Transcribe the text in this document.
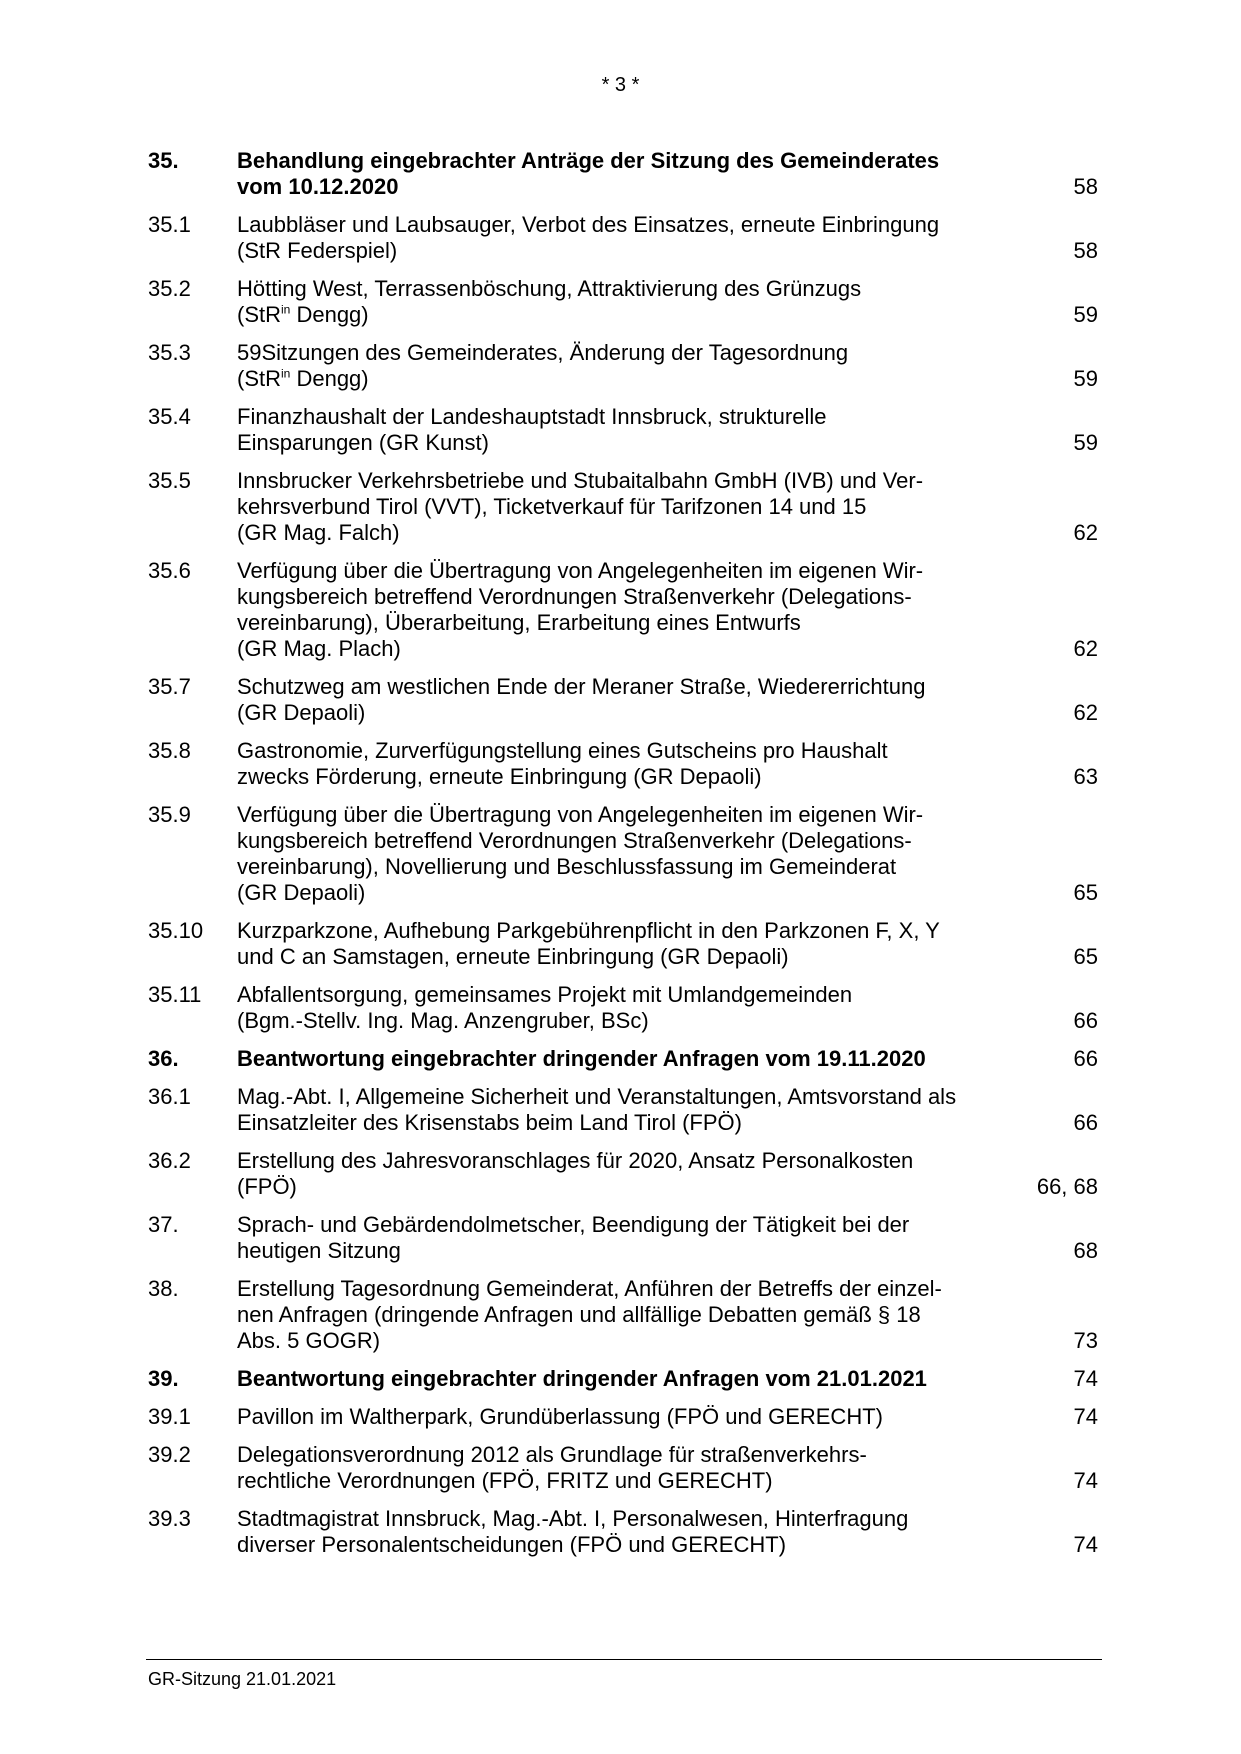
* 3 *
35.	Behandlung eingebrachter Anträge der Sitzung des Gemeinderates
vom 10.12.2020	58
35.1	Laubbläser und Laubsauger, Verbot des Einsatzes, erneute Einbringung
(StR Federspiel)	58
35.2	Hötting West, Terrassenböschung, Attraktivierung des Grünzugs
(StR$^{in}$ Dengg)	59
35.3	59Sitzungen des Gemeinderates, Änderung der Tagesordnung
(StR$^{in}$ Dengg)	59
35.4	Finanzhaushalt der Landeshauptstadt Innsbruck, strukturelle
Einsparungen (GR Kunst)	59
35.5	Innsbrucker Verkehrsbetriebe und Stubaitalbahn GmbH (IVB) und Ver-
kehrsverbund Tirol (VVT), Ticketverkauf für Tarifzonen 14 und 15
(GR Mag. Falch)	62
35.6	Verfügung über die Übertragung von Angelegenheiten im eigenen Wir-
kungsbereich betreffend Verordnungen Straßenverkehr (Delegations-
vereinbarung), Überarbeitung, Erarbeitung eines Entwurfs
(GR Mag. Plach)	62
35.7	Schutzweg am westlichen Ende der Meraner Straße, Wiedererrichtung
(GR Depaoli)	62
35.8	Gastronomie, Zurverfügungstellung eines Gutscheins pro Haushalt
zwecks Förderung, erneute Einbringung (GR Depaoli)	63
35.9	Verfügung über die Übertragung von Angelegenheiten im eigenen Wir-
kungsbereich betreffend Verordnungen Straßenverkehr (Delegations-
vereinbarung), Novellierung und Beschlussfassung im Gemeinderat
(GR Depaoli)	65
35.10	Kurzparkzone, Aufhebung Parkgebührenpflicht in den Parkzonen F, X, Y
und C an Samstagen, erneute Einbringung (GR Depaoli)	65
35.11	Abfallentsorgung, gemeinsames Projekt mit Umlandgemeinden
(Bgm.-Stellv. Ing. Mag. Anzengruber, BSc)	66
36.	Beantwortung eingebrachter dringender Anfragen vom 19.11.2020	66
36.1	Mag.-Abt. I, Allgemeine Sicherheit und Veranstaltungen, Amtsvorstand als
Einsatzleiter des Krisenstabs beim Land Tirol (FPÖ)	66
36.2	Erstellung des Jahresvoranschlages für 2020, Ansatz Personalkosten
(FPÖ)	66, 68
37.	Sprach- und Gebärdendolmetscher, Beendigung der Tätigkeit bei der
heutigen Sitzung	68
38.	Erstellung Tagesordnung Gemeinderat, Anführen der Betreffs der einzel-
nen Anfragen (dringende Anfragen und allfällige Debatten gemäß § 18
Abs. 5 GOGR)	73
39.	Beantwortung eingebrachter dringender Anfragen vom 21.01.2021	74
39.1	Pavillon im Waltherpark, Grundüberlassung (FPÖ und GERECHT)	74
39.2	Delegationsverordnung 2012 als Grundlage für straßenverkehrs-
rechtliche Verordnungen (FPÖ, FRITZ und GERECHT)	74
39.3	Stadtmagistrat Innsbruck, Mag.-Abt. I, Personalwesen, Hinterfragung
diverser Personalentscheidungen (FPÖ und GERECHT)	74
GR-Sitzung 21.01.2021
